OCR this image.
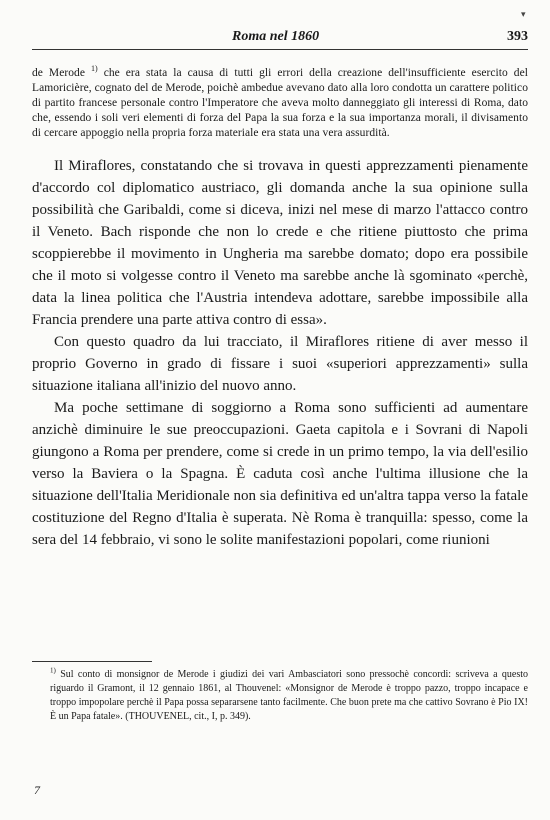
▾
Roma nel 1860	393

de Merode $^{1)}$ che era stata la causa di tutti gli errori della creazione dell'insufficiente esercito del Lamoricière, cognato del de Merode, poichè ambedue avevano dato alla loro condotta un carattere politico di partito francese personale contro l'Imperatore che aveva molto danneggiato gli interessi di Roma, dato che, essendo i soli veri elementi di forza del Papa la sua forza e la sua importanza morali, il divisamento di cercare appoggio nella propria forza materiale era stata una vera assurdità.

Il Miraflores, constatando che si trovava in questi apprezzamenti pienamente d'accordo col diplomatico austriaco, gli domanda anche la sua opinione sulla possibilità che Garibaldi, come si diceva, inizi nel mese di marzo l'attacco contro il Veneto. Bach risponde che non lo crede e che ritiene piuttosto che prima scoppierebbe il movimento in Ungheria ma sarebbe domato; dopo era possibile che il moto si volgesse contro il Veneto ma sarebbe anche là sgominato «perchè, data la linea politica che l'Austria intendeva adottare, sarebbe impossibile alla Francia prendere una parte attiva contro di essa».

Con questo quadro da lui tracciato, il Miraflores ritiene di aver messo il proprio Governo in grado di fissare i suoi «superiori apprezzamenti» sulla situazione italiana all'inizio del nuovo anno.

Ma poche settimane di soggiorno a Roma sono sufficienti ad aumentare anzichè diminuire le sue preoccupazioni. Gaeta capitola e i Sovrani di Napoli giungono a Roma per prendere, come si crede in un primo tempo, la via dell'esilio verso la Baviera o la Spagna. È caduta così anche l'ultima illusione che la situazione dell'Italia Meridionale non sia definitiva ed un'altra tappa verso la fatale costituzione del Regno d'Italia è superata. Nè Roma è tranquilla: spesso, come la sera del 14 febbraio, vi sono le solite manifestazioni popolari, come riunioni

$^{1)}$ Sul conto di monsignor de Merode i giudizi dei vari Ambasciatori sono pressochè concordi: scriveva a questo riguardo il Gramont, il 12 gennaio 1861, al Thouvenel: «Monsignor de Merode è troppo pazzo, troppo incapace e troppo impopolare perchè il Papa possa separarsene tanto facilmente. Che buon prete ma che cattivo Sovrano è Pio IX! È un Papa fatale». (THOUVENEL, cit., I, p. 349).
7
